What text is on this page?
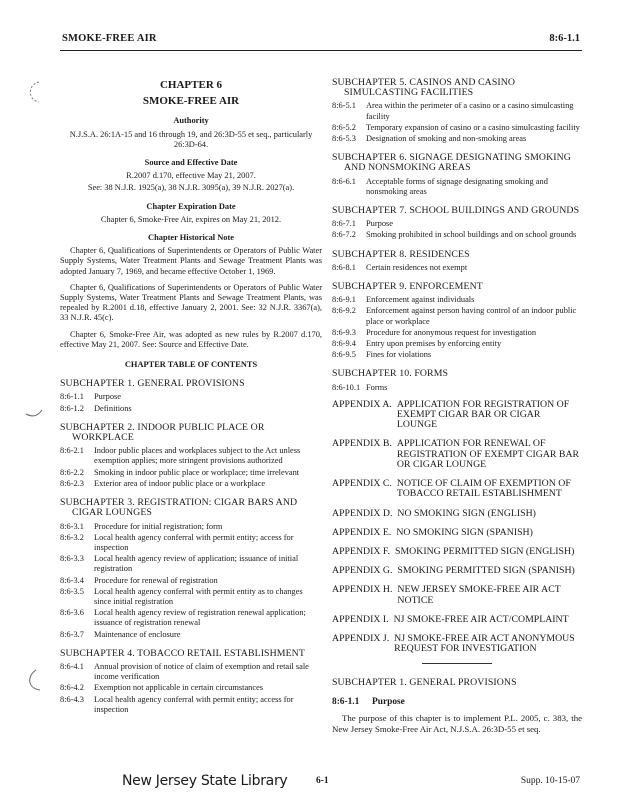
SMOKE-FREE AIR	8:6-1.1
CHAPTER 6
SMOKE-FREE AIR
Authority
N.J.S.A. 26:1A-15 and 16 through 19, and 26:3D-55 et seq., particularly 26:3D-64.
Source and Effective Date
R.2007 d.170, effective May 21, 2007.
See: 38 N.J.R. 1925(a), 38 N.J.R. 3095(a), 39 N.J.R. 2027(a).
Chapter Expiration Date
Chapter 6, Smoke-Free Air, expires on May 21, 2012.
Chapter Historical Note
Chapter 6, Qualifications of Superintendents or Operators of Public Water Supply Systems, Water Treatment Plants and Sewage Treatment Plants was adopted January 7, 1969, and became effective October 1, 1969.
Chapter 6, Qualifications of Superintendents or Operators of Public Water Supply Systems, Water Treatment Plants and Sewage Treatment Plants, was repealed by R.2001 d.18, effective January 2, 2001. See: 32 N.J.R. 3367(a), 33 N.J.R. 45(c).
Chapter 6, Smoke-Free Air, was adopted as new rules by R.2007 d.170, effective May 21, 2007. See: Source and Effective Date.
CHAPTER TABLE OF CONTENTS
SUBCHAPTER 1. GENERAL PROVISIONS
8:6-1.1	Purpose
8:6-1.2	Definitions
SUBCHAPTER 2. INDOOR PUBLIC PLACE OR
WORKPLACE
8:6-2.1	Indoor public places and workplaces subject to the Act unless exemption applies; more stringent provisions authorized
8:6-2.2	Smoking in indoor public place or workplace; time irrelevant
8:6-2.3	Exterior area of indoor public place or a workplace
SUBCHAPTER 3. REGISTRATION: CIGAR BARS AND
CIGAR LOUNGES
8:6-3.1	Procedure for initial registration; form
8:6-3.2	Local health agency conferral with permit entity; access for inspection
8:6-3.3	Local health agency review of application; issuance of initial registration
8:6-3.4	Procedure for renewal of registration
8:6-3.5	Local health agency conferral with permit entity as to changes since initial registration
8:6-3.6	Local health agency review of registration renewal application; issuance of registration renewal
8:6-3.7	Maintenance of enclosure
SUBCHAPTER 4. TOBACCO RETAIL ESTABLISHMENT
8:6-4.1	Annual provision of notice of claim of exemption and retail sale income verification
8:6-4.2	Exemption not applicable in certain circumstances
8:6-4.3	Local health agency conferral with permit entity; access for inspection
SUBCHAPTER 5. CASINOS AND CASINO
SIMULCASTING FACILITIES
8:6-5.1	Area within the perimeter of a casino or a casino simulcasting facility
8:6-5.2	Temporary expansion of casino or a casino simulcasting facility
8:6-5.3	Designation of smoking and non-smoking areas
SUBCHAPTER 6. SIGNAGE DESIGNATING SMOKING
AND NONSMOKING AREAS
8:6-6.1	Acceptable forms of signage designating smoking and nonsmoking areas
SUBCHAPTER 7. SCHOOL BUILDINGS AND GROUNDS
8:6-7.1	Purpose
8:6-7.2	Smoking prohibited in school buildings and on school grounds
SUBCHAPTER 8. RESIDENCES
8:6-8.1	Certain residences not exempt
SUBCHAPTER 9. ENFORCEMENT
8:6-9.1	Enforcement against individuals
8:6-9.2	Enforcement against person having control of an indoor public place or workplace
8:6-9.3	Procedure for anonymous request for investigation
8:6-9.4	Entry upon premises by enforcing entity
8:6-9.5	Fines for violations
SUBCHAPTER 10. FORMS
8:6-10.1 Forms
APPENDIX A. APPLICATION FOR REGISTRATION OF EXEMPT CIGAR BAR OR CIGAR LOUNGE
APPENDIX B. APPLICATION FOR RENEWAL OF REGISTRATION OF EXEMPT CIGAR BAR OR CIGAR LOUNGE
APPENDIX C. NOTICE OF CLAIM OF EXEMPTION OF TOBACCO RETAIL ESTABLISHMENT
APPENDIX D. NO SMOKING SIGN (ENGLISH)
APPENDIX E. NO SMOKING SIGN (SPANISH)
APPENDIX F. SMOKING PERMITTED SIGN (ENGLISH)
APPENDIX G. SMOKING PERMITTED SIGN (SPANISH)
APPENDIX H. NEW JERSEY SMOKE-FREE AIR ACT NOTICE
APPENDIX I. NJ SMOKE-FREE AIR ACT/COMPLAINT
APPENDIX J. NJ SMOKE-FREE AIR ACT ANONYMOUS REQUEST FOR INVESTIGATION
SUBCHAPTER 1. GENERAL PROVISIONS
8:6-1.1 Purpose
The purpose of this chapter is to implement P.L. 2005, c. 383, the New Jersey Smoke-Free Air Act, N.J.S.A. 26:3D-55 et seq.
New Jersey State Library	6-1	Supp. 10-15-07
